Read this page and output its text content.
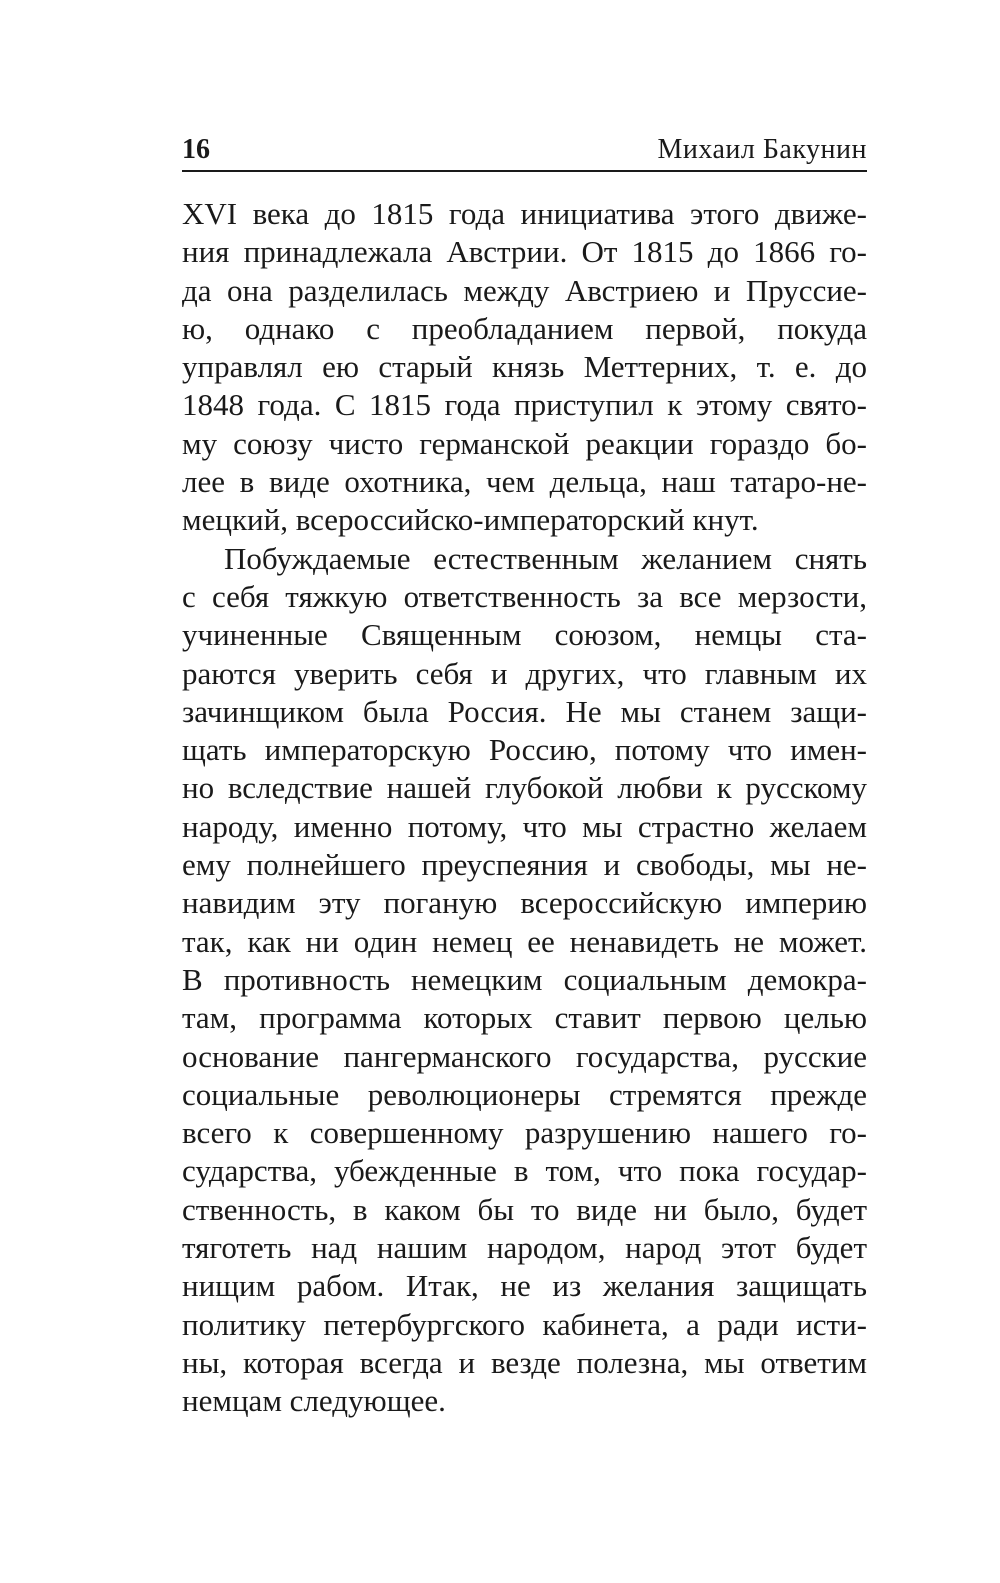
16	Михаил Бакунин
XVI века до 1815 года инициатива этого движе-
ния принадлежала Австрии. От 1815 до 1866 го-
да она разделилась между Австриею и Пруссие-
ю, однако с преобладанием первой, покуда
управлял ею старый князь Меттерних, т. е. до
1848 года. С 1815 года приступил к этому свято-
му союзу чисто германской реакции гораздо бо-
лее в виде охотника, чем дельца, наш татаро-не-
мецкий, всероссийско-императорский кнут.
Побуждаемые естественным желанием снять
с себя тяжкую ответственность за все мерзости,
учиненные Священным союзом, немцы ста-
раются уверить себя и других, что главным их
зачинщиком была Россия. Не мы станем защи-
щать императорскую Россию, потому что имен-
но вследствие нашей глубокой любви к русскому
народу, именно потому, что мы страстно желаем
ему полнейшего преуспеяния и свободы, мы не-
навидим эту поганую всероссийскую империю
так, как ни один немец ее ненавидеть не может.
В противность немецким социальным демокра-
там, программа которых ставит первою целью
основание пангерманского государства, русские
социальные революционеры стремятся прежде
всего к совершенному разрушению нашего го-
сударства, убежденные в том, что пока государ-
ственность, в каком бы то виде ни было, будет
тяготеть над нашим народом, народ этот будет
нищим рабом. Итак, не из желания защищать
политику петербургского кабинета, а ради исти-
ны, которая всегда и везде полезна, мы ответим
немцам следующее.
